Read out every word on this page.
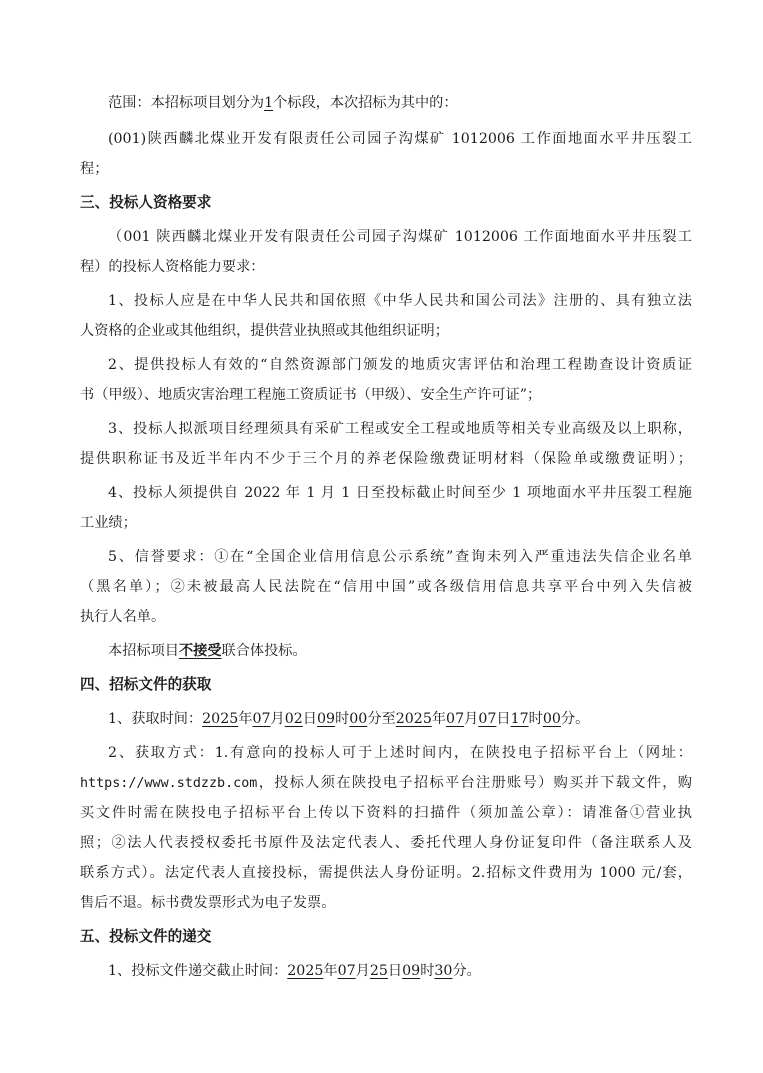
范围：本招标项目划分为1个标段，本次招标为其中的：
(001)陕西麟北煤业开发有限责任公司园子沟煤矿 1012006 工作面地面水平井压裂工
程；
三、投标人资格要求
（001 陕西麟北煤业开发有限责任公司园子沟煤矿 1012006 工作面地面水平井压裂工
程）的投标人资格能力要求：
1、投标人应是在中华人民共和国依照《中华人民共和国公司法》注册的、具有独立法
人资格的企业或其他组织，提供营业执照或其他组织证明；
2、提供投标人有效的“自然资源部门颁发的地质灾害评估和治理工程勘查设计资质证
书（甲级）、地质灾害治理工程施工资质证书（甲级）、安全生产许可证”；
3、投标人拟派项目经理须具有采矿工程或安全工程或地质等相关专业高级及以上职称，
提供职称证书及近半年内不少于三个月的养老保险缴费证明材料（保险单或缴费证明）；
4、投标人须提供自 2022 年 1 月 1 日至投标截止时间至少 1 项地面水平井压裂工程施
工业绩；
5、信誉要求：①在“全国企业信用信息公示系统”查询未列入严重违法失信企业名单
（黑名单）；②未被最高人民法院在“信用中国”或各级信用信息共享平台中列入失信被
执行人名单。
本招标项目不接受联合体投标。
四、招标文件的获取
1、获取时间：2025年07月02日09时00分至2025年07月07日17时00分。
2、获取方式：1.有意向的投标人可于上述时间内，在陕投电子招标平台上（网址：
https://www.stdzzb.com，投标人须在陕投电子招标平台注册账号）购买并下载文件，购
买文件时需在陕投电子招标平台上传以下资料的扫描件（须加盖公章）：请准备①营业执
照；②法人代表授权委托书原件及法定代表人、委托代理人身份证复印件（备注联系人及
联系方式）。法定代表人直接投标，需提供法人身份证明。2.招标文件费用为 1000 元/套，
售后不退。标书费发票形式为电子发票。
五、投标文件的递交
1、投标文件递交截止时间：2025年07月25日09时30分。
